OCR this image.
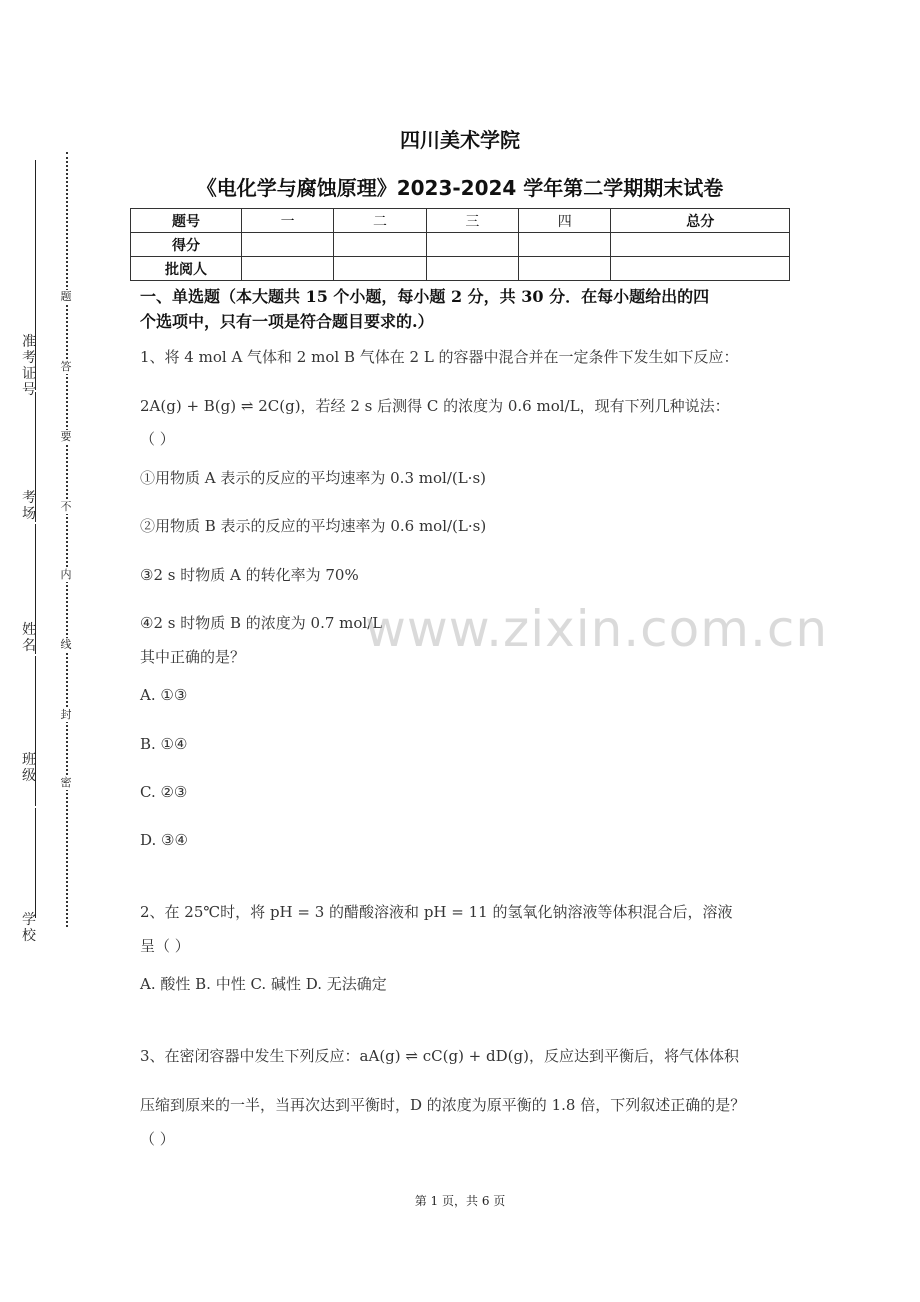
准考证号
考场
姓名
班级
学校
题
答
要
不
内
线
封
密
四川美术学院
《电化学与腐蚀原理》2023-2024 学年第二学期期末试卷
题号	一	二	三	四	总分
得分					
批阅人					
一、单选题（本大题共 15 个小题，每小题 2 分，共 30 分．在每小题给出的四
个选项中，只有一项是符合题目要求的.）
1、将 4 mol A 气体和 2 mol B 气体在 2 L 的容器中混合并在一定条件下发生如下反应：
2A(g) + B(g) ⇌ 2C(g)，若经 2 s 后测得 C 的浓度为 0.6 mol/L，现有下列几种说法：
（ ）
①用物质 A 表示的反应的平均速率为 0.3 mol/(L·s)
②用物质 B 表示的反应的平均速率为 0.6 mol/(L·s)
③2 s 时物质 A 的转化率为 70%
④2 s 时物质 B 的浓度为 0.7 mol/L
其中正确的是？
A. ①③
B. ①④
C. ②③
D. ③④
2、在 25℃时，将 pH = 3 的醋酸溶液和 pH = 11 的氢氧化钠溶液等体积混合后，溶液
呈（ ）
A. 酸性 B. 中性 C. 碱性 D. 无法确定
3、在密闭容器中发生下列反应：aA(g) ⇌ cC(g) + dD(g)，反应达到平衡后，将气体体积
压缩到原来的一半，当再次达到平衡时，D 的浓度为原平衡的 1.8 倍，下列叙述正确的是？
（ ）
www.zixin.com.cn
第 1 页，共 6 页
